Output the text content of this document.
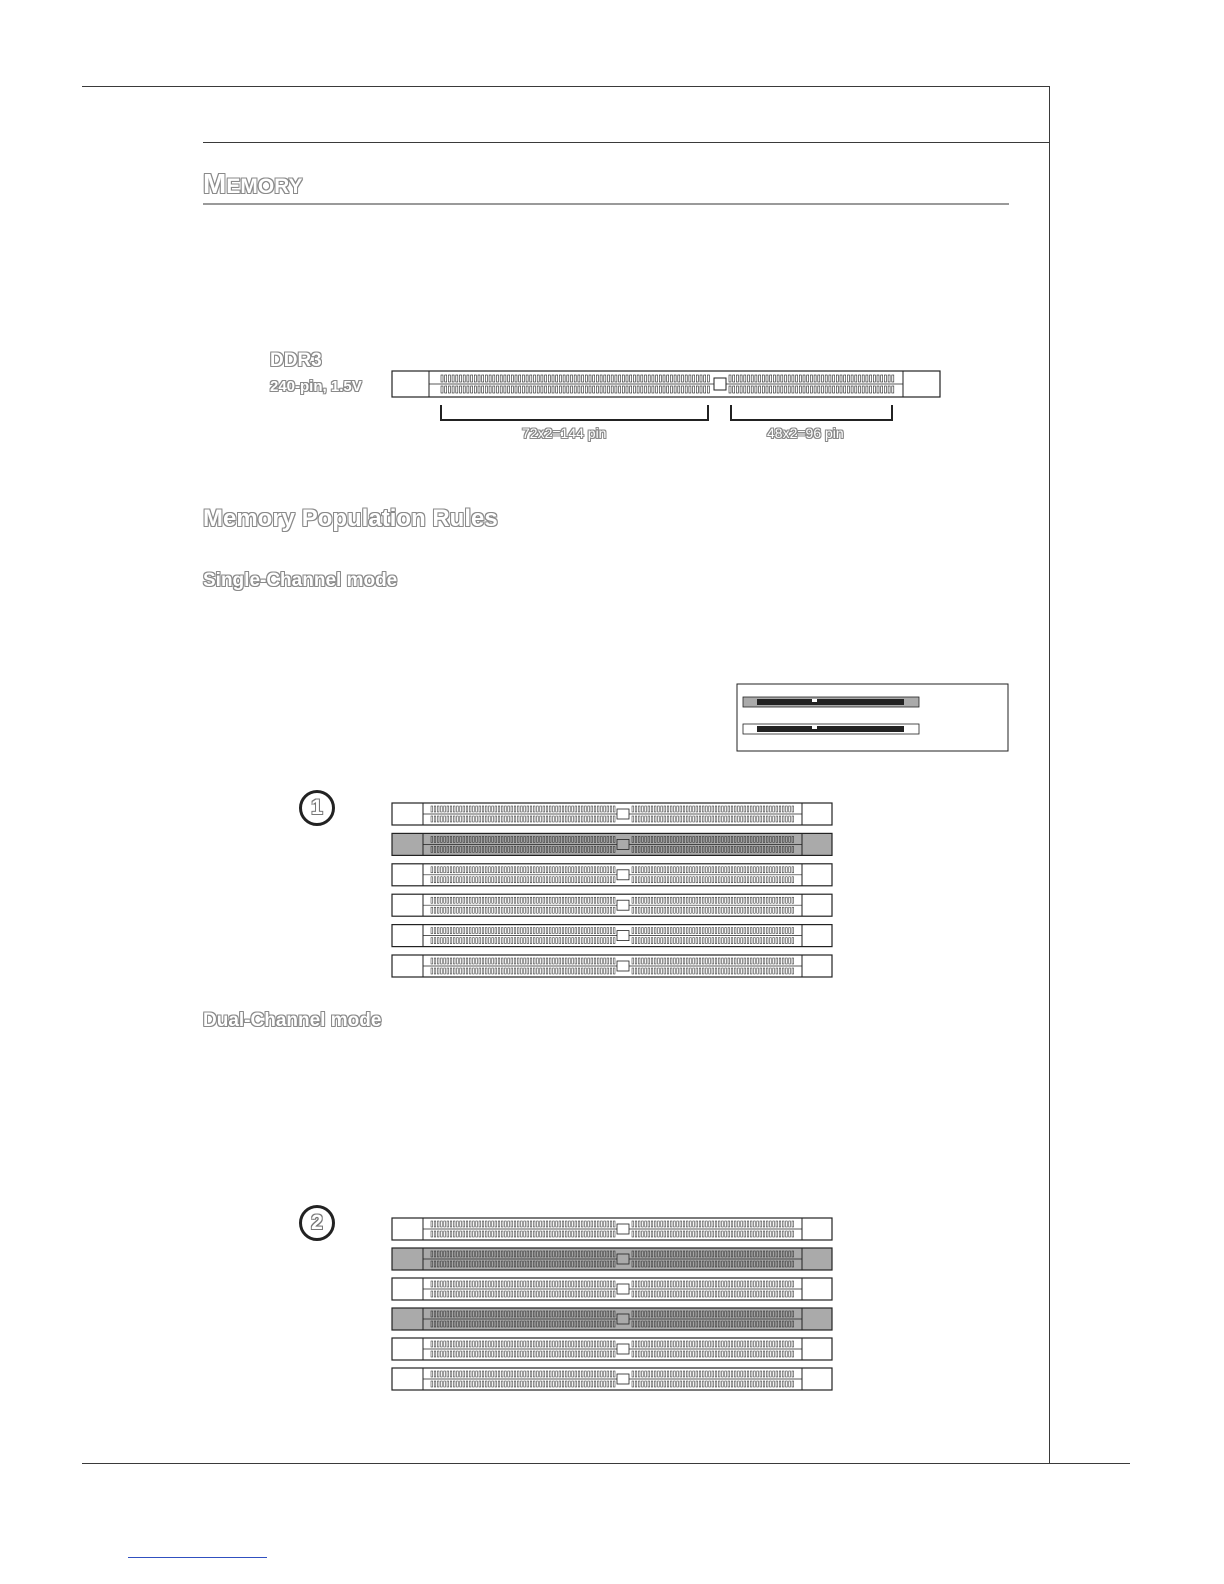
MEMORY
DDR3
240-pin, 1.5V
72x2=144 pin	48x2=96 pin
Memory Population Rules
Single-Channel mode
Dual-Channel mode
1
2
